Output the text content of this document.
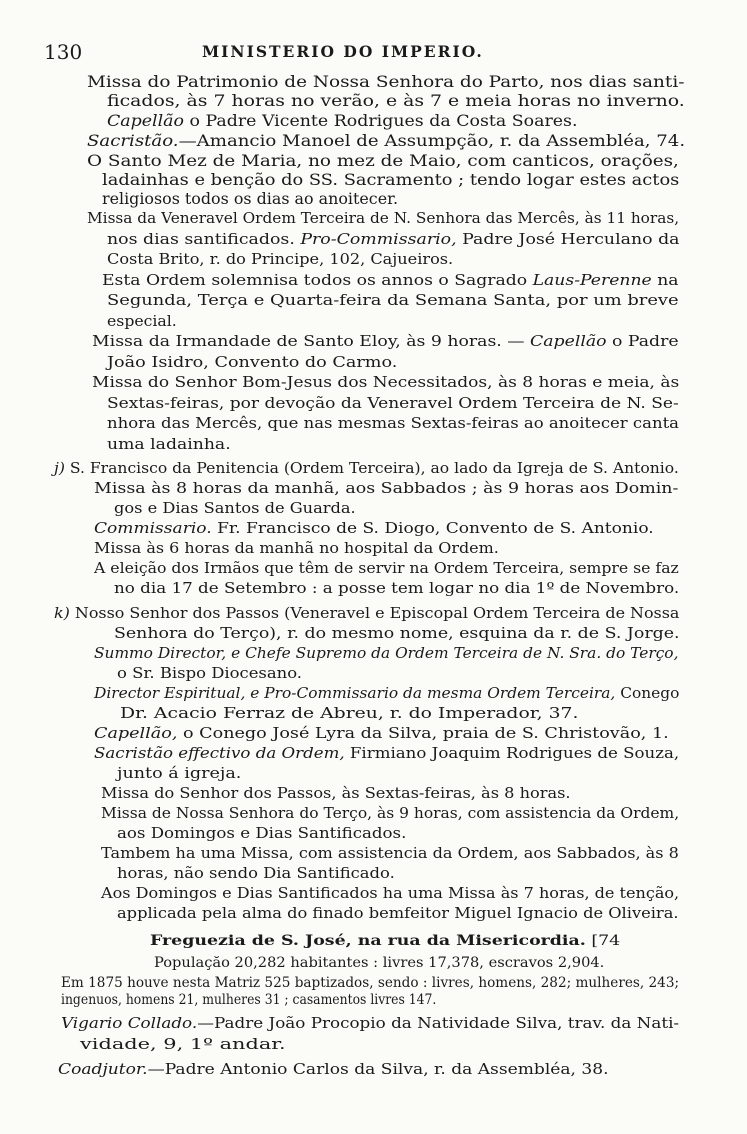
130	MINISTERIO DO IMPERIO.
Missa do Patrimonio de Nossa Senhora do Parto, nos dias santi-
ficados, às 7 horas no verão, e às 7 e meia horas no inverno.
Capellão o Padre Vicente Rodrigues da Costa Soares.
Sacristão.—Amancio Manoel de Assumpção, r. da Assembléa, 74.
O Santo Mez de Maria, no mez de Maio, com canticos, orações,
ladainhas e benção do SS. Sacramento ; tendo logar estes actos
religiosos todos os dias ao anoitecer.
Missa da Veneravel Ordem Terceira de N. Senhora das Mercês, às 11 horas,
nos dias santificados. Pro-Commissario, Padre José Herculano da
Costa Brito, r. do Principe, 102, Cajueiros.
Esta Ordem solemnisa todos os annos o Sagrado Laus-Perenne na
Segunda, Terça e Quarta-feira da Semana Santa, por um breve
especial.
Missa da Irmandade de Santo Eloy, às 9 horas. — Capellão o Padre
João Isidro, Convento do Carmo.
Missa do Senhor Bom-Jesus dos Necessitados, às 8 horas e meia, às
Sextas-feiras, por devoção da Veneravel Ordem Terceira de N. Se-
nhora das Mercês, que nas mesmas Sextas-feiras ao anoitecer canta
uma ladainha.
j) S. Francisco da Penitencia (Ordem Terceira), ao lado da Igreja de S. Antonio.
Missa às 8 horas da manhã, aos Sabbados ; às 9 horas aos Domin-
gos e Dias Santos de Guarda.
Commissario. Fr. Francisco de S. Diogo, Convento de S. Antonio.
Missa às 6 horas da manhã no hospital da Ordem.
A eleição dos Irmãos que têm de servir na Ordem Terceira, sempre se faz
no dia 17 de Setembro : a posse tem logar no dia 1º de Novembro.
k) Nosso Senhor dos Passos (Veneravel e Episcopal Ordem Terceira de Nossa
Senhora do Terço), r. do mesmo nome, esquina da r. de S. Jorge.
Summo Director, e Chefe Supremo da Ordem Terceira de N. Sra. do Terço,
o Sr. Bispo Diocesano.
Director Espiritual, e Pro-Commissario da mesma Ordem Terceira, Conego
Dr. Acacio Ferraz de Abreu, r. do Imperador, 37.
Capellão, o Conego José Lyra da Silva, praia de S. Christovão, 1.
Sacristão effectivo da Ordem, Firmiano Joaquim Rodrigues de Souza,
junto á igreja.
Missa do Senhor dos Passos, às Sextas-feiras, às 8 horas.
Missa de Nossa Senhora do Terço, às 9 horas, com assistencia da Ordem,
aos Domingos e Dias Santificados.
Tambem ha uma Missa, com assistencia da Ordem, aos Sabbados, às 8
horas, não sendo Dia Santificado.
Aos Domingos e Dias Santificados ha uma Missa às 7 horas, de tenção,
applicada pela alma do finado bemfeitor Miguel Ignacio de Oliveira.
Freguezia de S. José, na rua da Misericordia. [74
Populaçăo 20,282 habitantes : livres 17,378, escravos 2,904.
Em 1875 houve nesta Matriz 525 baptizados, sendo : livres, homens, 282; mulheres, 243;
ingenuos, homens 21, mulheres 31 ; casamentos livres 147.
Vigario Collado.—Padre João Procopio da Natividade Silva, trav. da Nati-
vidade, 9, 1º andar.
Coadjutor.—Padre Antonio Carlos da Silva, r. da Assembléa, 38.
